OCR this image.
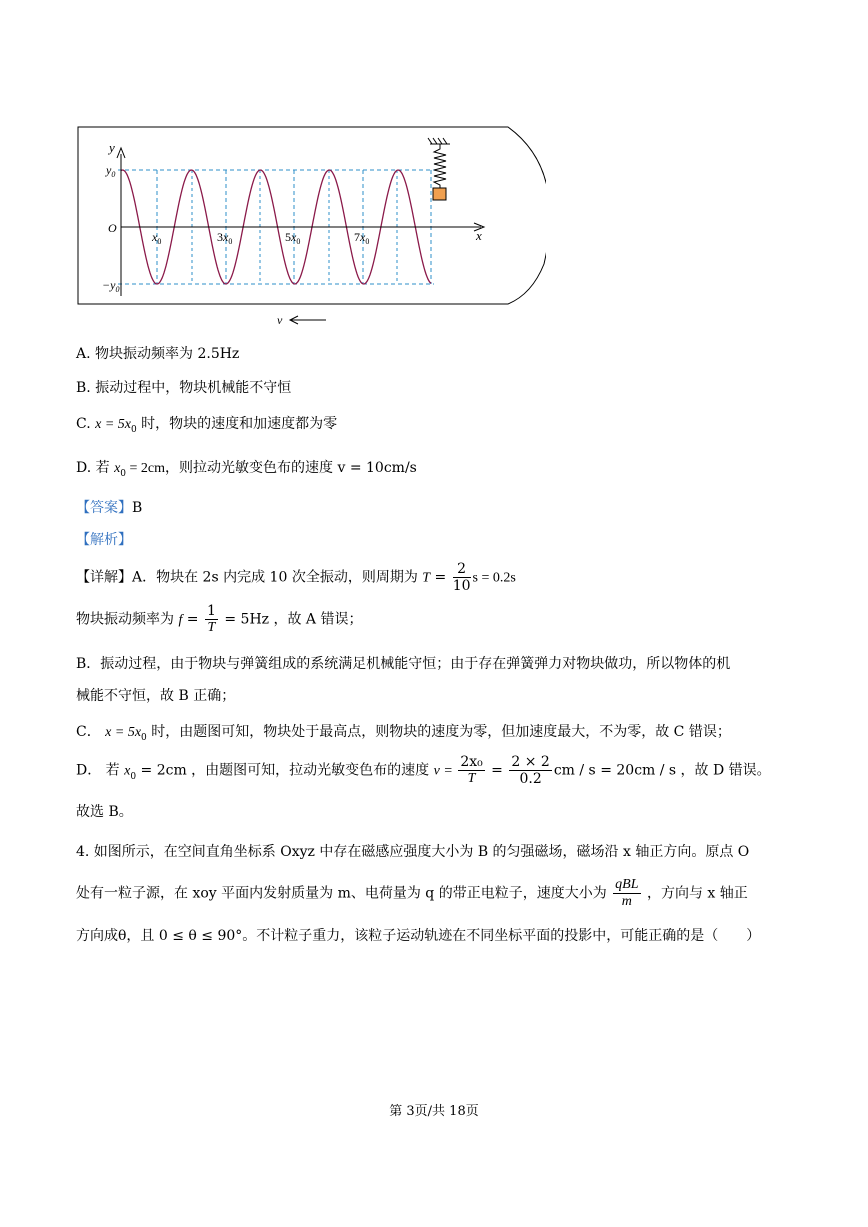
y
x
O
$y_0$
$-y_0$
$x_0$	$3x_0$	$5x_0$	$7x_0$
v
A. 物块振动频率为 2.5Hz
B. 振动过程中，物块机械能不守恒
C. $x = 5x_0$ 时，物块的速度和加速度都为零
D. 若 $x_0 = 2cm$，则拉动光敏变色布的速度 v = 10cm/s
【答案】B
【解析】
【详解】A．物块在 2s 内完成 10 次全振动，则周期为 $T = \frac{2}{10}$ s = 0.2s
物块振动频率为 $f = \frac{1}{T} = 5Hz$ ，故 A 错误；
B．振动过程，由于物块与弹簧组成的系统满足机械能守恒；由于存在弹簧弹力对物块做功，所以物体的机
械能不守恒，故 B 正确；
C． $x = 5x_0$ 时，由题图可知，物块处于最高点，则物块的速度为零，但加速度最大，不为零，故 C 错误；
D． 若 $x_0 = 2cm$ ，由题图可知，拉动光敏变色布的速度 $v = \frac{\text{2x₀}}{T} = \frac{2 \times 2}{0.2}$ cm / s = 20cm / s ，故 D 错误。
故选 B。
4. 如图所示，在空间直角坐标系 Oxyz 中存在磁感应强度大小为 B 的匀强磁场，磁场沿 x 轴正方向。原点 O
处有一粒子源，在 xoy 平面内发射质量为 m、电荷量为 q 的带正电粒子，速度大小为 $\frac{\text{qBL}}{m}$ ，方向与 x 轴正
方向成θ，且 0 ≤ θ ≤ 90°。不计粒子重力，该粒子运动轨迹在不同坐标平面的投影中，可能正确的是（　　）
第 3页/共 18页
